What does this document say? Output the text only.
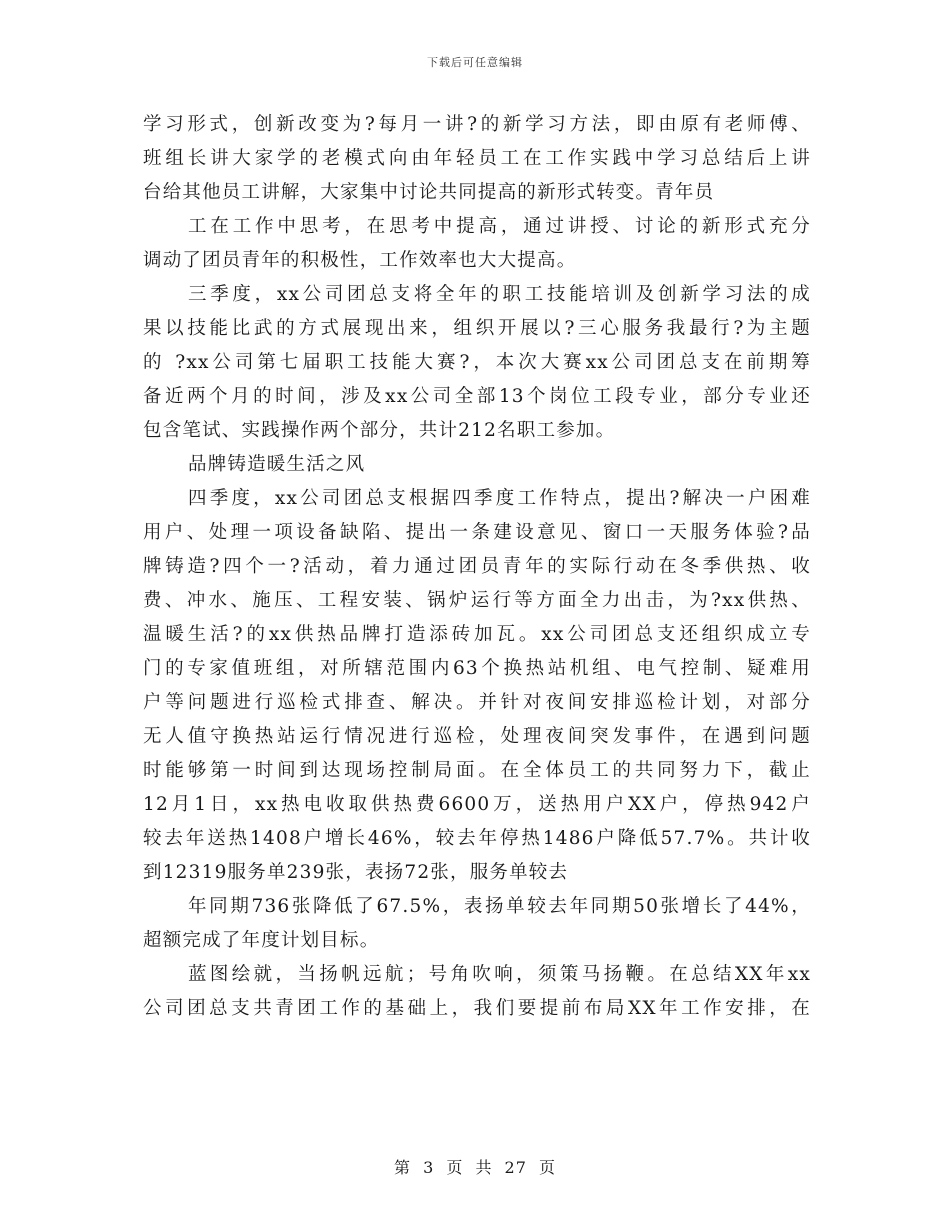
下载后可任意编辑
学习形式，创新改变为?每月一讲?的新学习方法，即由原有老师傅、
班组长讲大家学的老模式向由年轻员工在工作实践中学习总结后上讲
台给其他员工讲解，大家集中讨论共同提高的新形式转变。青年员
工在工作中思考，在思考中提高，通过讲授、讨论的新形式充分
调动了团员青年的积极性，工作效率也大大提高。
三季度，xx公司团总支将全年的职工技能培训及创新学习法的成
果以技能比武的方式展现出来，组织开展以?三心服务我最行?为主题
的 ?xx公司第七届职工技能大赛?，本次大赛xx公司团总支在前期筹
备近两个月的时间，涉及xx公司全部13个岗位工段专业，部分专业还
包含笔试、实践操作两个部分，共计212名职工参加。
品牌铸造暖生活之风
四季度，xx公司团总支根据四季度工作特点，提出?解决一户困难
用户、处理一项设备缺陷、提出一条建设意见、窗口一天服务体验?品
牌铸造?四个一?活动，着力通过团员青年的实际行动在冬季供热、收
费、冲水、施压、工程安装、锅炉运行等方面全力出击，为?xx供热、
温暖生活?的xx供热品牌打造添砖加瓦。xx公司团总支还组织成立专
门的专家值班组，对所辖范围内63个换热站机组、电气控制、疑难用
户等问题进行巡检式排查、解决。并针对夜间安排巡检计划，对部分
无人值守换热站运行情况进行巡检，处理夜间突发事件，在遇到问题
时能够第一时间到达现场控制局面。在全体员工的共同努力下，截止
12月1日，xx热电收取供热费6600万，送热用户XX户，停热942户
较去年送热1408户增长46%，较去年停热1486户降低57.7%。共计收
到12319服务单239张，表扬72张，服务单较去
年同期736张降低了67.5%，表扬单较去年同期50张增长了44%，
超额完成了年度计划目标。
蓝图绘就，当扬帆远航；号角吹响，须策马扬鞭。在总结XX年xx
公司团总支共青团工作的基础上，我们要提前布局XX年工作安排，在
第 3 页 共 27 页
